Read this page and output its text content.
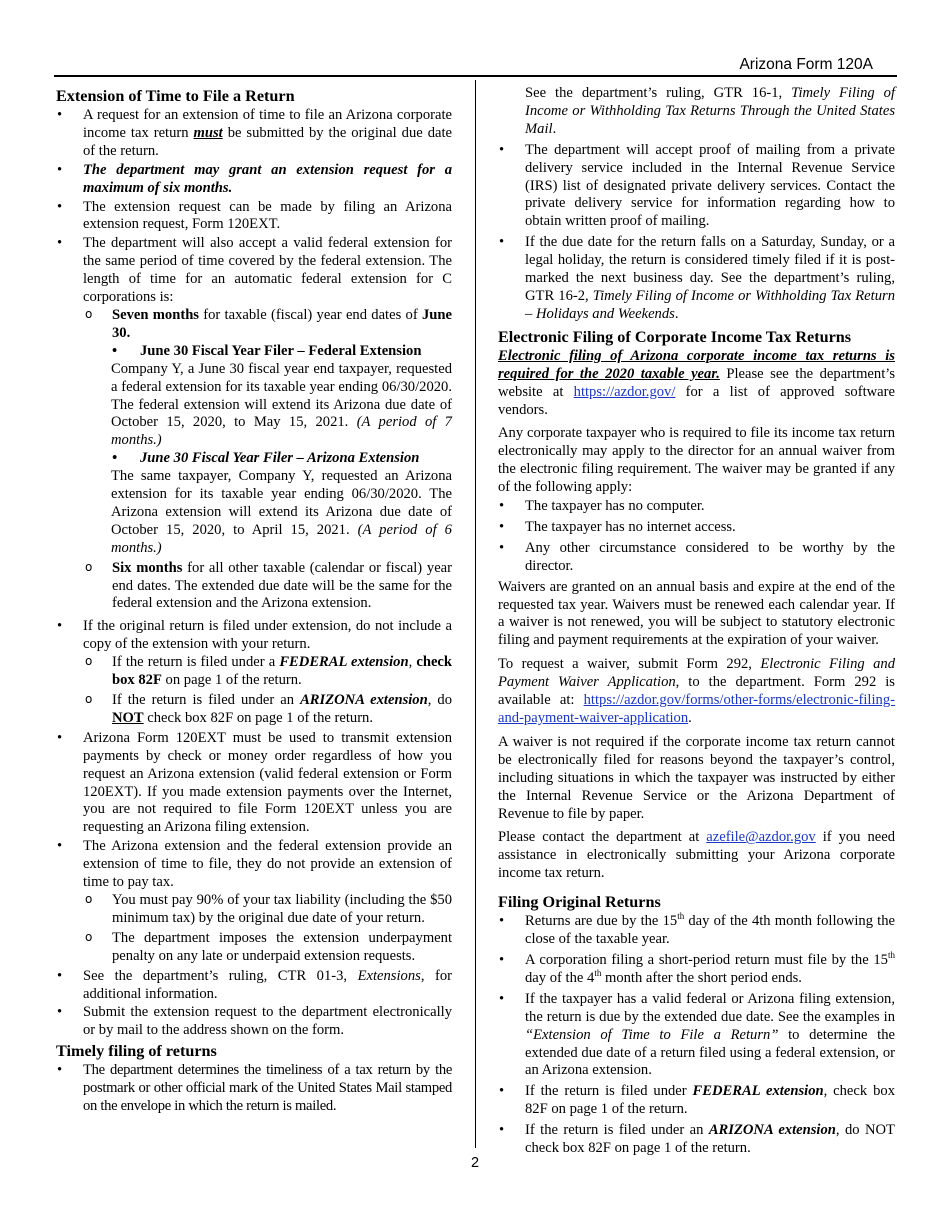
Arizona Form 120A
Extension of Time to File a Return
• A request for an extension of time to file an Arizona corporate income tax return must be submitted by the original due date of the return.
• The department may grant an extension request for a maximum of six months.
• The extension request can be made by filing an Arizona extension request, Form 120EXT.
• The department will also accept a valid federal extension for the same period of time covered by the federal extension. The length of time for an automatic federal extension for C corporations is:
o Seven months for taxable (fiscal) year end dates of June 30.
• June 30 Fiscal Year Filer – Federal Extension
Company Y, a June 30 fiscal year end taxpayer, requested a federal extension for its taxable year ending 06/30/2020. The federal extension will extend its Arizona due date of October 15, 2020, to May 15, 2021. (A period of 7 months.)
• June 30 Fiscal Year Filer – Arizona Extension
The same taxpayer, Company Y, requested an Arizona extension for its taxable year ending 06/30/2020. The Arizona extension will extend its Arizona due date of October 15, 2020, to April 15, 2021. (A period of 6 months.)
o Six months for all other taxable (calendar or fiscal) year end dates. The extended due date will be the same for the federal extension and the Arizona extension.
• If the original return is filed under extension, do not include a copy of the extension with your return.
o If the return is filed under a FEDERAL extension, check box 82F on page 1 of the return.
o If the return is filed under an ARIZONA extension, do NOT check box 82F on page 1 of the return.
• Arizona Form 120EXT must be used to transmit extension payments by check or money order regardless of how you request an Arizona extension (valid federal extension or Form 120EXT). If you made extension payments over the Internet, you are not required to file Form 120EXT unless you are requesting an Arizona filing extension.
• The Arizona extension and the federal extension provide an extension of time to file, they do not provide an extension of time to pay tax.
o You must pay 90% of your tax liability (including the $50 minimum tax) by the original due date of your return.
o The department imposes the extension underpayment penalty on any late or underpaid extension requests.
• See the department’s ruling, CTR 01-3, Extensions, for additional information.
• Submit the extension request to the department electronically or by mail to the address shown on the form.
Timely filing of returns
• The department determines the timeliness of a tax return by the postmark or other official mark of the United States Mail stamped on the envelope in which the return is mailed.
See the department’s ruling, GTR 16-1, Timely Filing of Income or Withholding Tax Returns Through the United States Mail.
• The department will accept proof of mailing from a private delivery service included in the Internal Revenue Service (IRS) list of designated private delivery services. Contact the private delivery service for information regarding how to obtain written proof of mailing.
• If the due date for the return falls on a Saturday, Sunday, or a legal holiday, the return is considered timely filed if it is post-marked the next business day. See the department’s ruling, GTR 16-2, Timely Filing of Income or Withholding Tax Return – Holidays and Weekends.
Electronic Filing of Corporate Income Tax Returns

Electronic filing of Arizona corporate income tax returns is required for the 2020 taxable year. Please see the department’s website at https://azdor.gov/ for a list of approved software vendors.

Any corporate taxpayer who is required to file its income tax return electronically may apply to the director for an annual waiver from the electronic filing requirement. The waiver may be granted if any of the following apply:

• The taxpayer has no computer.
• The taxpayer has no internet access.
• Any other circumstance considered to be worthy by the director.

Waivers are granted on an annual basis and expire at the end of the requested tax year. Waivers must be renewed each calendar year. If a waiver is not renewed, you will be subject to statutory electronic filing and payment requirements at the expiration of your waiver.

To request a waiver, submit Form 292, Electronic Filing and Payment Waiver Application, to the department. Form 292 is available at: https://azdor.gov/forms/other-forms/electronic-filing-and-payment-waiver-application.

A waiver is not required if the corporate income tax return cannot be electronically filed for reasons beyond the taxpayer’s control, including situations in which the taxpayer was instructed by either the Internal Revenue Service or the Arizona Department of Revenue to file by paper.

Please contact the department at azefile@azdor.gov if you need assistance in electronically submitting your Arizona corporate income tax return.

Filing Original Returns
• Returns are due by the 15th day of the 4th month following the close of the taxable year.
• A corporation filing a short-period return must file by the 15th day of the 4th month after the short period ends.
• If the taxpayer has a valid federal or Arizona filing extension, the return is due by the extended due date. See the examples in “Extension of Time to File a Return” to determine the extended due date of a return filed using a federal extension, or an Arizona extension.
• If the return is filed under FEDERAL extension, check box 82F on page 1 of the return.
• If the return is filed under an ARIZONA extension, do NOT check box 82F on page 1 of the return.
2
